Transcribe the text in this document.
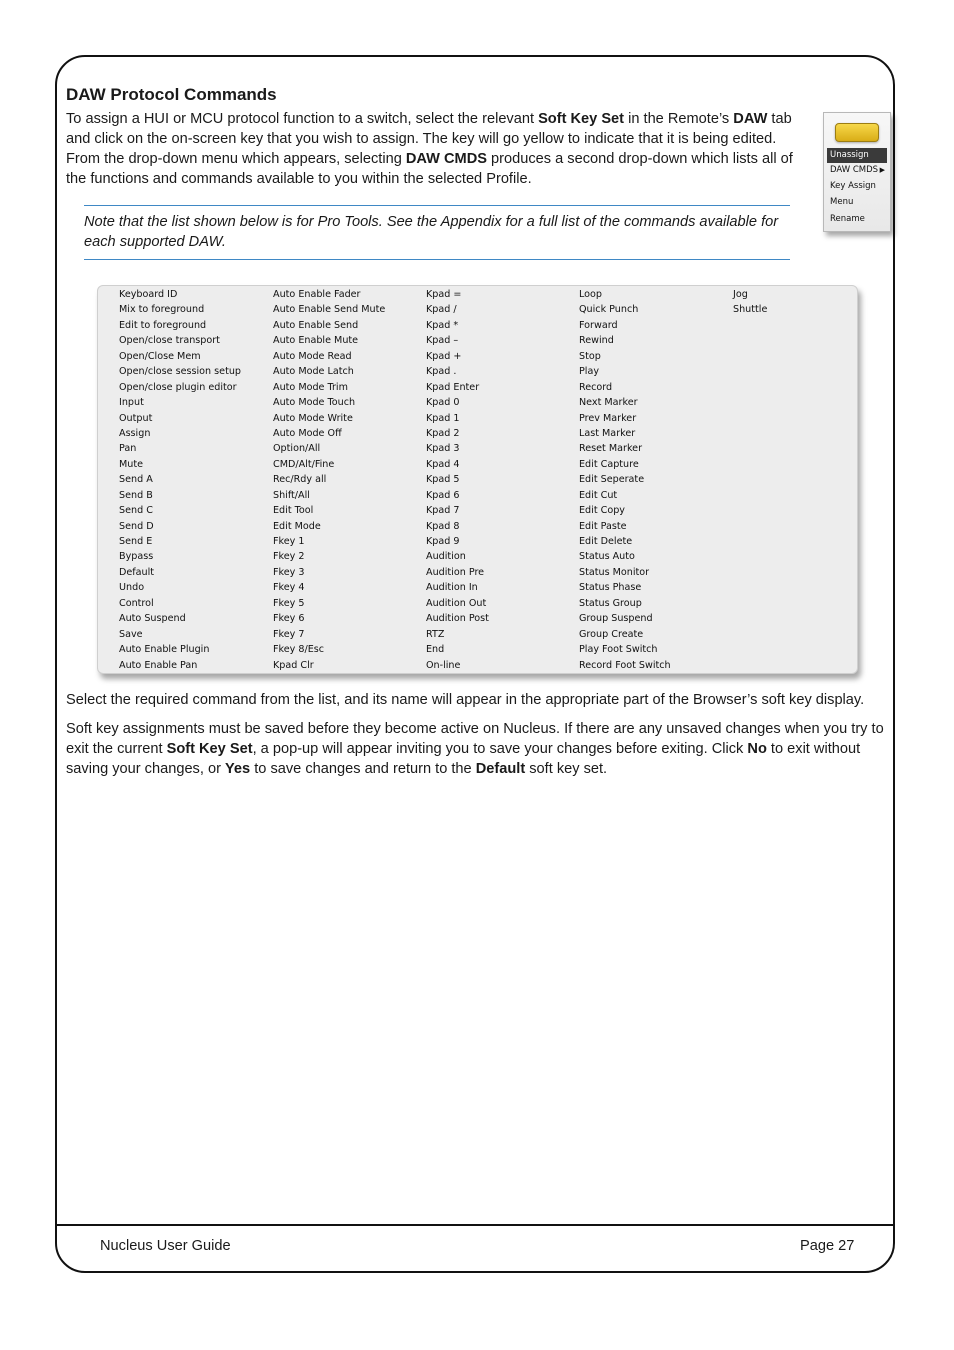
DAW Protocol Commands

To assign a HUI or MCU protocol function to a switch, select the relevant Soft Key Set in the Remote’s DAW tab and click on the on-screen key that you wish to assign. The key will go yellow to indicate that it is being edited. From the drop-down menu which appears, selecting DAW CMDS produces a second drop-down which lists all of the functions and commands available to you within the selected Profile.

Note that the list shown below is for Pro Tools. See the Appendix for a full list of the commands available for each supported DAW.

Unassign
DAW CMDS ▶
Key Assign
Menu
Rename
Keyboard ID
Mix to foreground
Edit to foreground
Open/close transport
Open/Close Mem
Open/close session setup
Open/close plugin editor
Input
Output
Assign
Pan
Mute
Send A
Send B
Send C
Send D
Send E
Bypass
Default
Undo
Control
Auto Suspend
Save
Auto Enable Plugin
Auto Enable Pan
Auto Enable Fader
Auto Enable Send Mute
Auto Enable Send
Auto Enable Mute
Auto Mode Read
Auto Mode Latch
Auto Mode Trim
Auto Mode Touch
Auto Mode Write
Auto Mode Off
Option/All
CMD/Alt/Fine
Rec/Rdy all
Shift/All
Edit Tool
Edit Mode
Fkey 1
Fkey 2
Fkey 3
Fkey 4
Fkey 5
Fkey 6
Fkey 7
Fkey 8/Esc
Kpad Clr
Kpad =
Kpad /
Kpad *
Kpad –
Kpad +
Kpad .
Kpad Enter
Kpad 0
Kpad 1
Kpad 2
Kpad 3
Kpad 4
Kpad 5
Kpad 6
Kpad 7
Kpad 8
Kpad 9
Audition
Audition Pre
Audition In
Audition Out
Audition Post
RTZ
End
On-line
Loop
Quick Punch
Forward
Rewind
Stop
Play
Record
Next Marker
Prev Marker
Last Marker
Reset Marker
Edit Capture
Edit Seperate
Edit Cut
Edit Copy
Edit Paste
Edit Delete
Status Auto
Status Monitor
Status Phase
Status Group
Group Suspend
Group Create
Play Foot Switch
Record Foot Switch
Jog
Shuttle

Select the required command from the list, and its name will appear in the appropriate part of the Browser’s soft key display.

Soft key assignments must be saved before they become active on Nucleus. If there are any unsaved changes when you try to exit the current Soft Key Set, a pop-up will appear inviting you to save your changes before exiting. Click No to exit without saving your changes, or Yes to save changes and return to the Default soft key set.

Nucleus User Guide	Page 27
